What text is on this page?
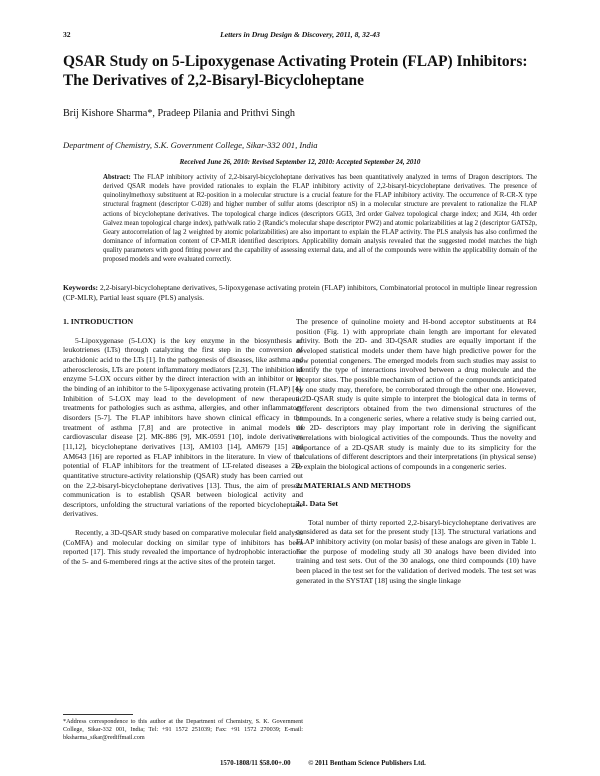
32	Letters in Drug Design & Discovery, 2011, 8, 32-43
QSAR Study on 5-Lipoxygenase Activating Protein (FLAP) Inhibitors: The Derivatives of 2,2-Bisaryl-Bicycloheptane
Brij Kishore Sharma*, Pradeep Pilania and Prithvi Singh
Department of Chemistry, S.K. Government College, Sikar-332 001, India
Received June 26, 2010: Revised September 12, 2010: Accepted September 24, 2010
Abstract: The FLAP inhibitory activity of 2,2-bisaryl-bicycloheptane derivatives has been quantitatively analyzed in terms of Dragon descriptors. The derived QSAR models have provided rationales to explain the FLAP inhibitory activity of 2,2-bisaryl-bicycloheptane derivatives. The presence of quinolinylmethoxy substituent at R2-position in a molecular structure is a crucial feature for the FLAP inhibitory activity. The occurrence of R-CR-X type structural fragment (descriptor C-028) and higher number of sulfur atoms (descriptor nS) in a molecular structure are prevalent to rationalize the FLAP actions of bicycloheptane derivatives. The topological charge indices (descriptors GGI3, 3rd order Galvez topological charge index; and JGI4, 4th order Galvez mean topological charge index), path/walk ratio 2 (Randic's molecular shape descriptor PW2) and atomic polarizabilities at lag 2 (descriptor GATS2p, Geary autocorrelation of lag 2 weighted by atomic polarizabilities) are also important to explain the FLAP activity. The PLS analysis has also confirmed the dominance of information content of CP-MLR identified descriptors. Applicability domain analysis revealed that the suggested model matches the high quality parameters with good fitting power and the capability of assessing external data, and all of the compounds were within the applicability domain of the proposed models and were evaluated correctly.
Keywords: 2,2-bisaryl-bicycloheptane derivatives, 5-lipoxygenase activating protein (FLAP) inhibitors, Combinatorial protocol in multiple linear regression (CP-MLR), Partial least square (PLS) analysis.
1. INTRODUCTION

5-Lipoxygenase (5-LOX) is the key enzyme in the biosynthesis of leukotrienes (LTs) through catalyzing the first step in the conversion of arachidonic acid to the LTs [1]. In the pathogenesis of diseases, like asthma and atherosclerosis, LTs are potent inflammatory mediators [2,3]. The inhibition of enzyme 5-LOX occurs either by the direct interaction with an inhibitor or by the binding of an inhibitor to the 5-lipoxygenase activating protein (FLAP) [4]. Inhibition of 5-LOX may lead to the development of new therapeutic treatments for pathologies such as asthma, allergies, and other inflammatory disorders [5-7]. The FLAP inhibitors have shown clinical efficacy in the treatment of asthma [7,8] and are protective in animal models of cardiovascular disease [2]. MK-886 [9], MK-0591 [10], indole derivatives [11,12], bicycloheptane derivatives [13], AM103 [14], AM679 [15] and AM643 [16] are reported as FLAP inhibitors in the literature. In view of the potential of FLAP inhibitors for the treatment of LT-related diseases a 2D-quantitative structure-activity relationship (QSAR) study has been carried out on the 2,2-bisaryl-bicycloheptane derivatives [13]. Thus, the aim of present communication is to establish QSAR between biological activity and descriptors, unfolding the structural variations of the reported bicycloheptane derivatives.

Recently, a 3D-QSAR study based on comparative molecular field analysis (CoMFA) and molecular docking on similar type of inhibitors has been reported [17]. This study revealed the importance of hydrophobic interactions of the 5- and 6-membered rings at the active sites of the protein target.

The presence of quinoline moiety and H-bond acceptor substituents at R4 position (Fig. 1) with appropriate chain length are important for elevated activity. Both the 2D- and 3D-QSAR studies are equally important if the developed statistical models under them have high predictive power for the new potential congeners. The emerged models from such studies may assist to identify the type of interactions involved between a drug molecule and the receptor sites. The possible mechanism of action of the compounds anticipated by one study may, therefore, be corroborated through the other one. However, a 2D-QSAR study is quite simple to interpret the biological data in terms of different descriptors obtained from the two dimensional structures of the compounds. In a congeneric series, where a relative study is being carried out, the 2D- descriptors may play important role in deriving the significant correlations with biological activities of the compounds. Thus the novelty and importance of a 2D-QSAR study is mainly due to its simplicity for the calculations of different descriptors and their interpretations (in physical sense) to explain the biological actions of compounds in a congeneric series.

2. MATERIALS AND METHODS
2.1. Data Set

Total number of thirty reported 2,2-bisaryl-bicycloheptane derivatives are considered as data set for the present study [13]. The structural variations and FLAP inhibitory activity (on molar basis) of these analogs are given in Table 1. For the purpose of modeling study all 30 analogs have been divided into training and test sets. Out of the 30 analogs, one third compounds (10) have been placed in the test set for the validation of derived models. The test set was generated in the SYSTAT [18] using the single linkage

*Address correspondence to this author at the Department of Chemistry, S. K. Government College, Sikar-332 001, India; Tel: +91 1572 251039; Fax: +91 1572 270039; E-mail: bksharma_sikar@rediffmail.com
1570-1808/11 $58.00+.00	© 2011 Bentham Science Publishers Ltd.
